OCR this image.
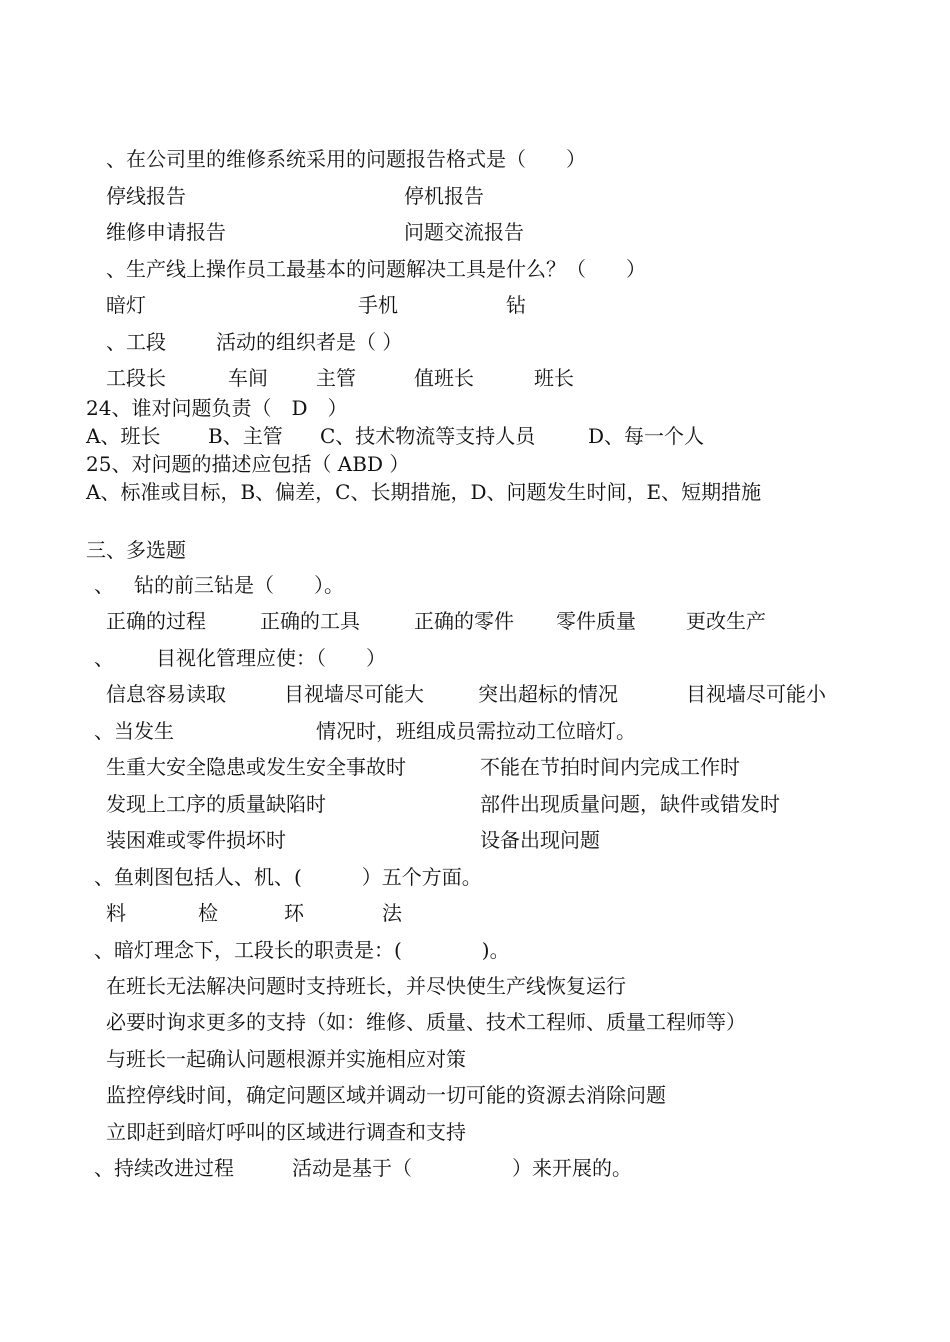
、在公司里的维修系统采用的问题报告格式是（　　）
停线报告	停机报告
维修申请报告	问题交流报告
、生产线上操作员工最基本的问题解决工具是什么？（　　）
暗灯	手机	钻
、工段	活动的组织者是（ ）
工段长	车间 主管	值班长	班长
24、谁对问题负责（　D　）
A、班长 B、主管 C、技术物流等支持人员	D、每一个人
25、对问题的描述应包括（ ABD ）
A、标准或目标，B、偏差，C、长期措施，D、问题发生时间，E、短期措施
三、多选题
、 钻的前三钻是（　　）。
正确的过程	正确的工具	正确的零件 零件质量	更改生产
、 目视化管理应使：（　　）
信息容易读取	目视墙尽可能大	突出超标的情况	目视墙尽可能小
、当发生	情况时，班组成员需拉动工位暗灯。
生重大安全隐患或发生安全事故时	不能在节拍时间内完成工作时
发现上工序的质量缺陷时	部件出现质量问题，缺件或错发时
装困难或零件损坏时	设备出现问题
、鱼刺图包括人、机、(　　　）五个方面。
料	检	环	法
、暗灯理念下，工段长的职责是：(　　　　)。
在班长无法解决问题时支持班长，并尽快使生产线恢复运行
必要时询求更多的支持（如：维修、质量、技术工程师、质量工程师等）
与班长一起确认问题根源并实施相应对策
监控停线时间，确定问题区域并调动一切可能的资源去消除问题
立即赶到暗灯呼叫的区域进行调查和支持
、持续改进过程	活动是基于（　　　　　）来开展的。
